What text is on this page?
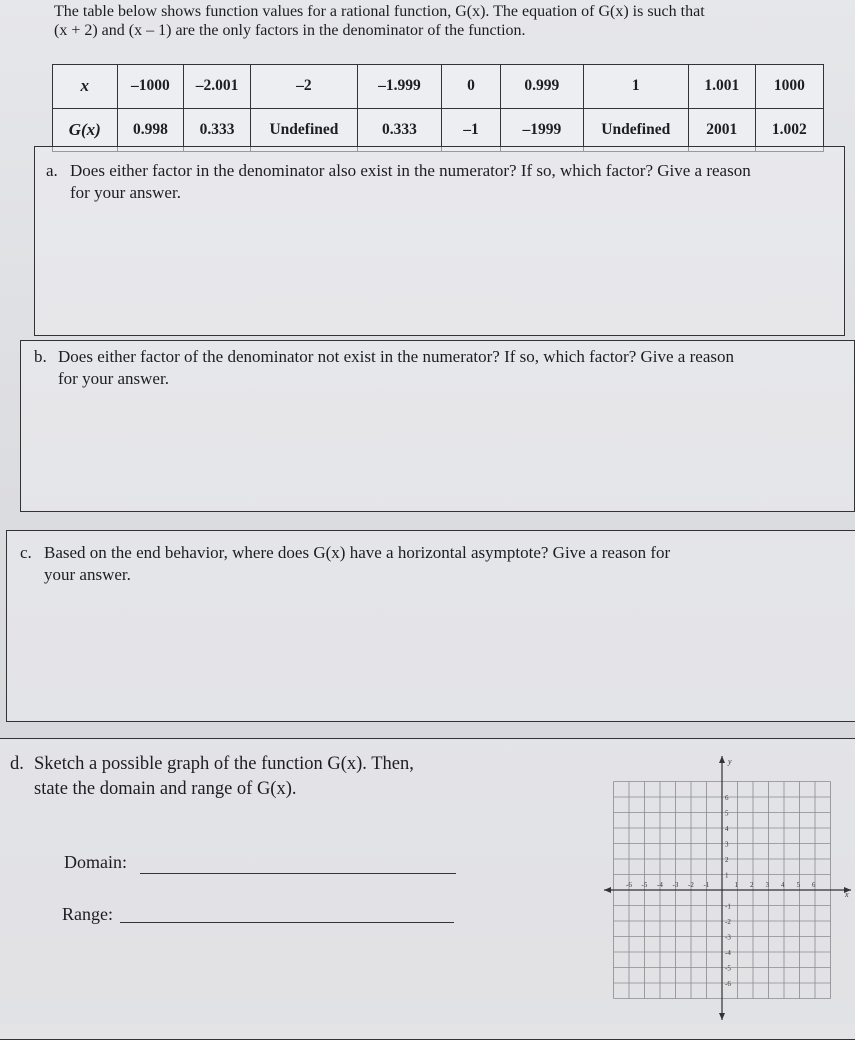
The table below shows function values for a rational function, G(x). The equation of G(x) is such that
(x + 2) and (x – 1) are the only factors in the denominator of the function.
x	–1000	–2.001	–2	–1.999	0	0.999	1	1.001	1000
G(x)	0.998	0.333	Undefined	0.333	–1	–1999	Undefined	2001	1.002
a. Does either factor in the denominator also exist in the numerator? If so, which factor? Give a reason
for your answer.
b. Does either factor of the denominator not exist in the numerator? If so, which factor? Give a reason
for your answer.
c. Based on the end behavior, where does G(x) have a horizontal asymptote? Give a reason for
your answer.
d. Sketch a possible graph of the function G(x). Then,
state the domain and range of G(x).
Domain:
Range:
-6 -5 -4 -3 -2 -1	1 2 3 4 5 6
6
5
4
3
2
1
-1
-2
-3
-4
-5
-6
x
y
